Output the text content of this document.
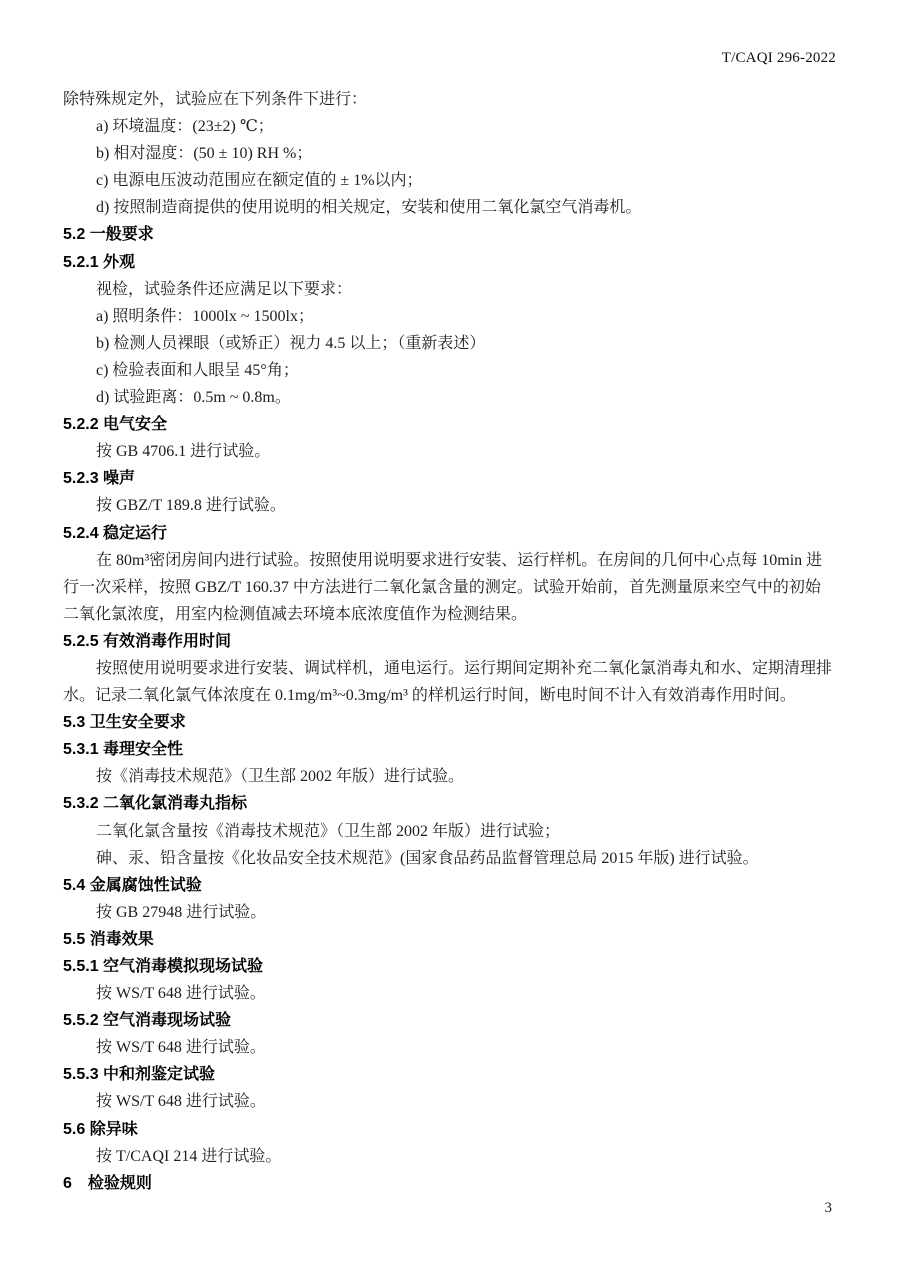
T/CAQI 296-2022
除特殊规定外，试验应在下列条件下进行：
a) 环境温度：(23±2) ℃；
b) 相对湿度：(50 ± 10) RH %；
c) 电源电压波动范围应在额定值的 ± 1%以内；
d) 按照制造商提供的使用说明的相关规定，安装和使用二氧化氯空气消毒机。
5.2 一般要求
5.2.1 外观
视检，试验条件还应满足以下要求：
a) 照明条件：1000lx ~ 1500lx；
b) 检测人员裸眼（或矫正）视力 4.5 以上；（重新表述）
c) 检验表面和人眼呈 45°角；
d) 试验距离：0.5m ~ 0.8m。
5.2.2 电气安全
按 GB 4706.1 进行试验。
5.2.3 噪声
按 GBZ/T 189.8 进行试验。
5.2.4 稳定运行
在 80m³密闭房间内进行试验。按照使用说明要求进行安装、运行样机。在房间的几何中心点每 10min 进
行一次采样，按照 GBZ/T 160.37 中方法进行二氧化氯含量的测定。试验开始前，首先测量原来空气中的初始
二氧化氯浓度，用室内检测值减去环境本底浓度值作为检测结果。
5.2.5 有效消毒作用时间
按照使用说明要求进行安装、调试样机，通电运行。运行期间定期补充二氧化氯消毒丸和水、定期清理排
水。记录二氧化氯气体浓度在 0.1mg/m³~0.3mg/m³ 的样机运行时间，断电时间不计入有效消毒作用时间。
5.3 卫生安全要求
5.3.1 毒理安全性
按《消毒技术规范》（卫生部 2002 年版）进行试验。
5.3.2 二氧化氯消毒丸指标
二氧化氯含量按《消毒技术规范》（卫生部 2002 年版）进行试验；
砷、汞、铅含量按《化妆品安全技术规范》(国家食品药品监督管理总局 2015 年版) 进行试验。
5.4 金属腐蚀性试验
按 GB 27948 进行试验。
5.5 消毒效果
5.5.1 空气消毒模拟现场试验
按 WS/T 648 进行试验。
5.5.2 空气消毒现场试验
按 WS/T 648 进行试验。
5.5.3 中和剂鉴定试验
按 WS/T 648 进行试验。
5.6 除异味
按 T/CAQI 214 进行试验。
6　检验规则
3
